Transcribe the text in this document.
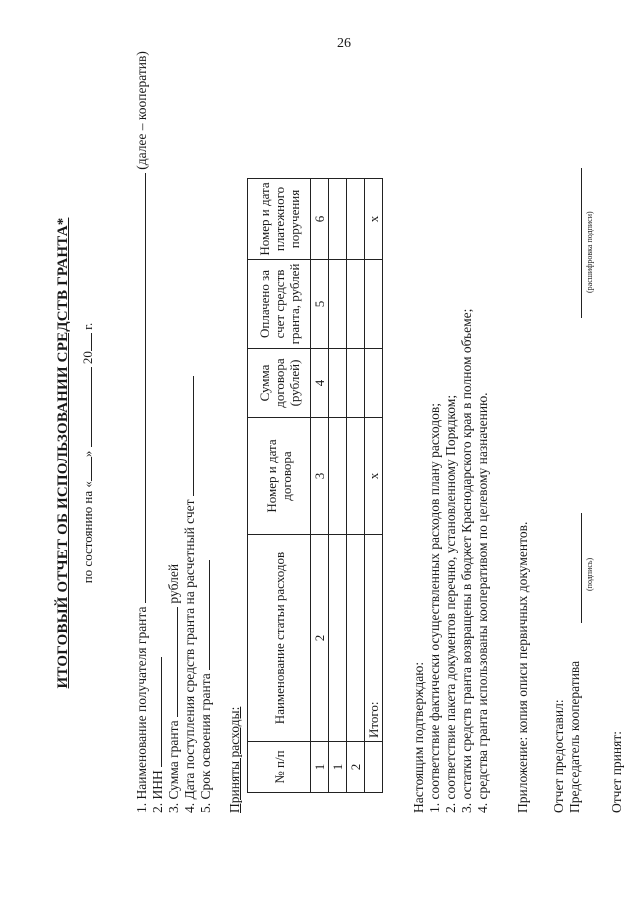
26
ИТОГОВЫЙ ОТЧЕТ ОБ ИСПОЛЬЗОВАНИИ СРЕДСТВ ГРАНТА* по состоянию на «»  20 г.
1. Наименование получателя гранта  (далее – кооператив)
2. ИНН 3. Сумма гранта  рублей 4. Дата поступления средств гранта на расчетный счет 5. Срок освоения гранта Приняты расходы: № п/п	Наименование статьи расходов	Номер и дата договора	Сумма договора (рублей)	Оплачено за счет средств гранта, рублей	Номер и дата платежного поручения
1	2	3	4	5	6
1					
2					
	Итого:	х			х
Настоящим подтверждаю: 1. соответствие фактически осуществленных расходов плану расходов; 2. соответствие пакета документов перечню, установленному Порядком; 3. остатки средств гранта возвращены в бюджет Краснодарского края в полном объеме; 4. средства гранта использованы кооперативом по целевому назначению. Приложение: копия описи первичных документов. Отчет предоставил: Председатель кооператива
(подпись)
(расшифровка подписи)
Отчет принят:
